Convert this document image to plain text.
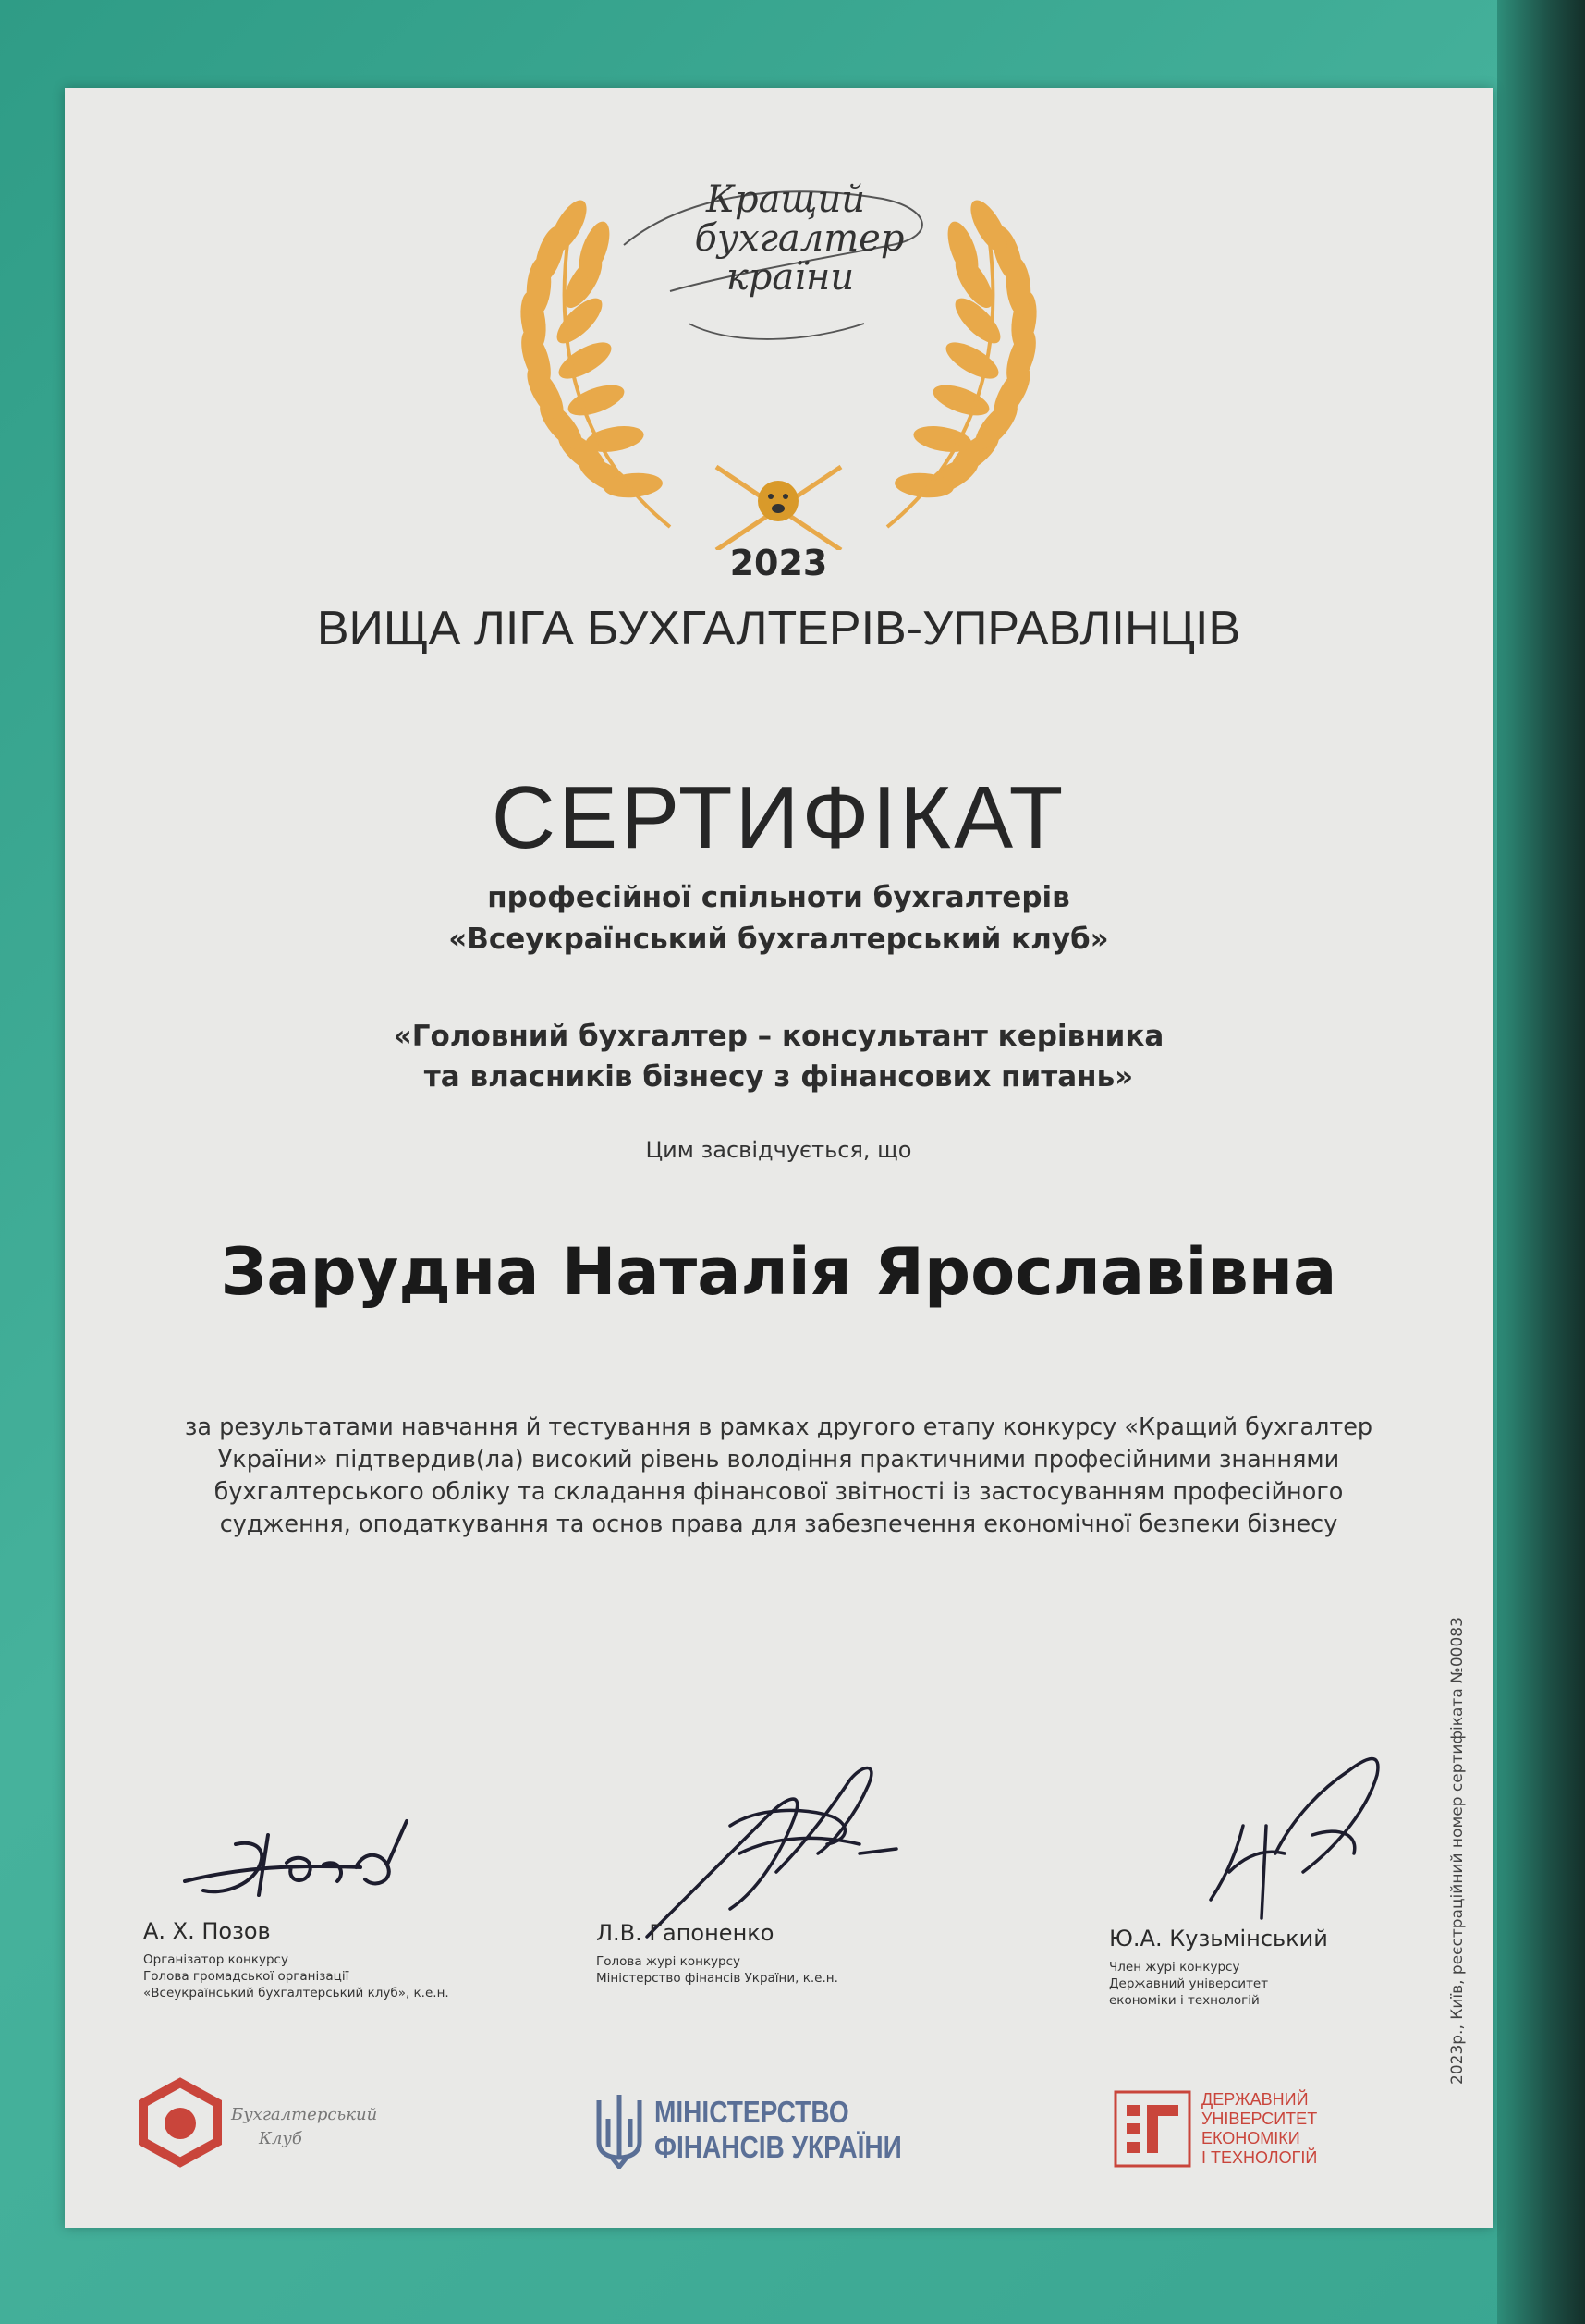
Кращий
бухгалтер
країни
2023
ВИЩА ЛІГА БУХГАЛТЕРІВ-УПРАВЛІНЦІВ
СЕРТИФІКАТ
професійної спільноти бухгалтерів
«Всеукраїнський бухгалтерський клуб»
«Головний бухгалтер – консультант керівника
та власників бізнесу з фінансових питань»
Цим засвідчується, що
Зарудна Наталія Ярославівна
за результатами навчання й тестування в рамках другого етапу конкурсу «Кращий бухгалтер
України» підтвердив(ла) високий рівень володіння практичними професійними знаннями
бухгалтерського обліку та складання фінансової звітності із застосуванням професійного
судження, оподаткування та основ права для забезпечення економічної безпеки бізнесу
2023р., Київ, реєстраційний номер сертифіката №00083
А. Х. Позов
Організатор конкурсу
Голова громадської організації
«Всеукраїнський бухгалтерський клуб», к.е.н.
Л.В. Гапоненко
Голова журі конкурсу
Міністерство фінансів України, к.е.н.
Ю.А. Кузьмінський
Член журі конкурсу
Державний університет
економіки і технологій
Бухгалтерський
Клуб
МІНІСТЕРСТВО
ФІНАНСІВ УКРАЇНИ
ДЕРЖАВНИЙ
УНІВЕРСИТЕТ
ЕКОНОМІКИ
І ТЕХНОЛОГІЙ
